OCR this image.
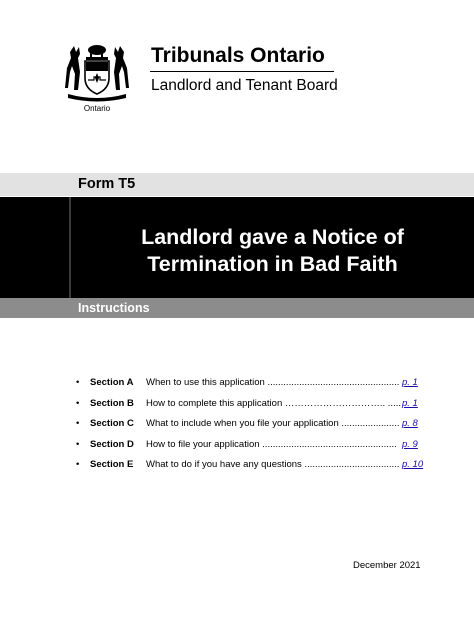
Ontario
Tribunals Ontario
Landlord and Tenant Board
Form T5
Landlord gave a Notice of
Termination in Bad Faith
Instructions
• Section A When to use this application .................................................. p. 1
• Section B How to complete this application ………………………….. ..... p. 1
• Section C What to include when you file your application ...................... p. 8
• Section D How to file your application ................................................... p. 9
• Section E What to do if you have any questions .................................... p. 10
December 2021
